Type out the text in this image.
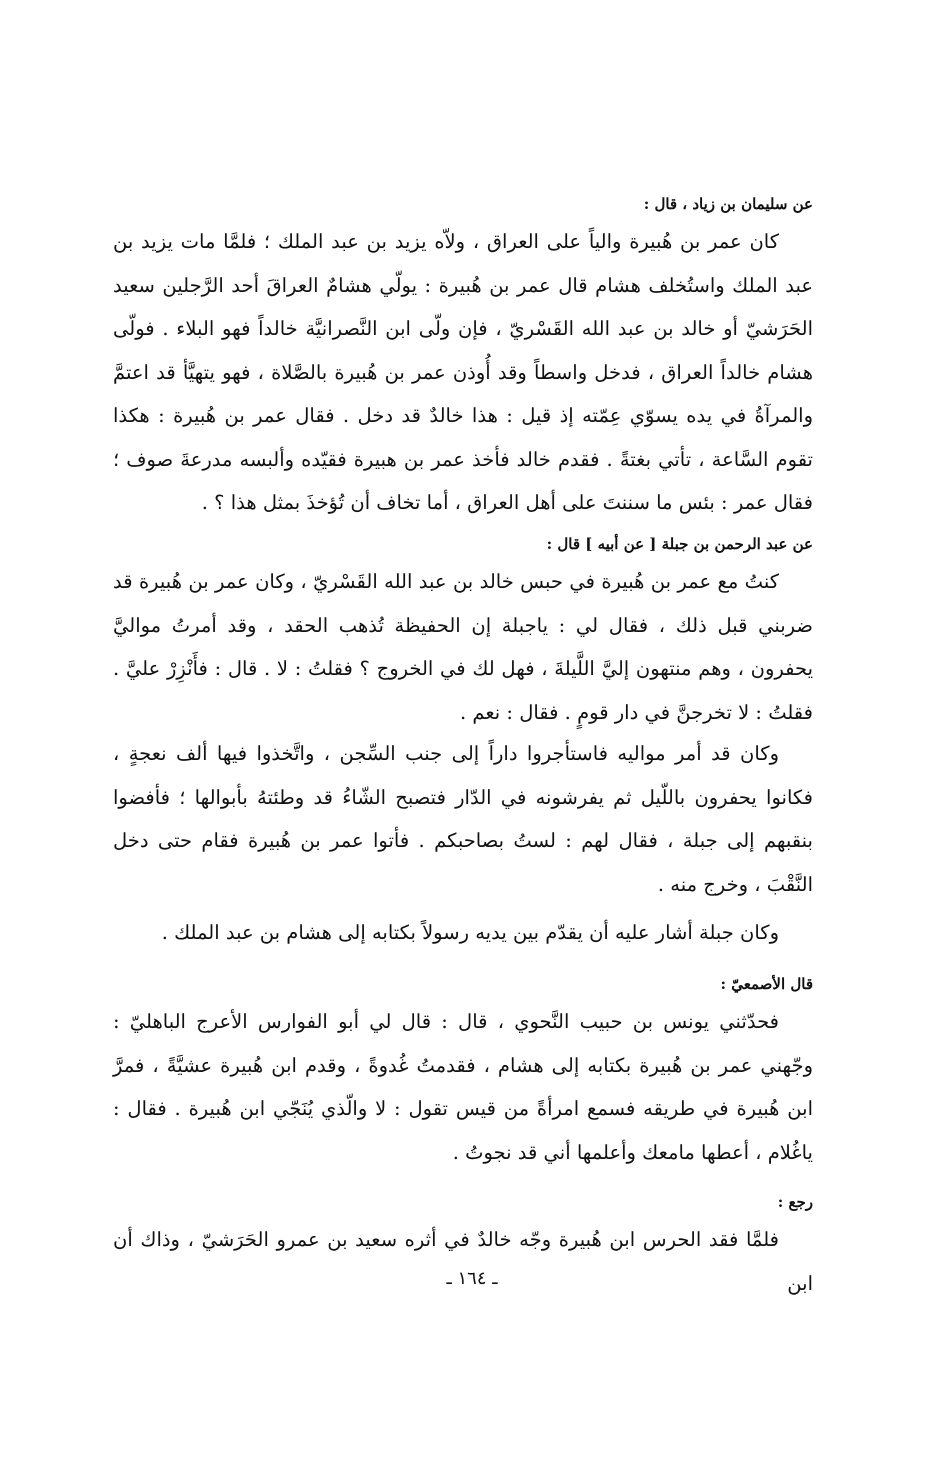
عن سليمان بن زياد ، قال :

كان عمر بن هُبيرة والياً على العراق ، ولاّه يزيد بن عبد الملك ؛ فلمَّا مات يزيد بن عبد الملك واستُخلف هشام قال عمر بن هُبيرة : يولّي هشامٌ العراقَ أحد الرَّجلين سعيد الحَرَشيّ أو خالد بن عبد الله القَسْريّ ، فإن ولّى ابن النَّصرانيَّة خالداً فهو البلاء . فولّى هشام خالداً العراق ، فدخل واسطاً وقد أُوذن عمر بن هُبيرة بالصَّلاة ، فهو يتهيَّأ قد اعتمَّ والمرآةُ في يده يسوّي عِمّته إذ قيل : هذا خالدٌ قد دخل . فقال عمر بن هُبيرة : هكذا تقوم السَّاعة ، تأتي بغتةً . فقدم خالد فأخذ عمر بن هبيرة فقيّده وألبسه مدرعةَ صوف ؛ فقال عمر : بئس ما سننتَ على أهل العراق ، أما تخاف أن تُؤخذَ بمثل هذا ؟ .

عن عبد الرحمن بن جبلة [ عن أبيه ] قال :

كنتُ مع عمر بن هُبيرة في حبس خالد بن عبد الله القَسْريّ ، وكان عمر بن هُبيرة قد ضربني قبل ذلك ، فقال لي : ياجبلة إن الحفيظة تُذهب الحقد ، وقد أمرتُ مواليَّ يحفرون ، وهم منتهون إليَّ اللَّيلةَ ، فهل لك في الخروج ؟ فقلتُ : لا . قال : فأَنْزِرْ عليَّ . فقلتُ : لا تخرجنَّ في دار قومٍ . فقال : نعم .

وكان قد أمر مواليه فاستأجروا داراً إلى جنب السِّجن ، واتَّخذوا فيها ألف نعجةٍ ، فكانوا يحفرون باللّيل ثم يفرشونه في الدّار فتصبح الشّاءُ قد وطئتهُ بأبوالها ؛ فأفضوا بنقبهم إلى جبلة ، فقال لهم : لستُ بصاحبكم . فأتوا عمر بن هُبيرة فقام حتى دخل النَّقْبَ ، وخرج منه .

وكان جبلة أشار عليه أن يقدّم بين يديه رسولاً بكتابه إلى هشام بن عبد الملك .

قال الأصمعيّ :

فحدّثني يونس بن حبيب النَّحوي ، قال : قال لي أبو الفوارس الأعرج الباهليّ : وجّهني عمر بن هُبيرة بكتابه إلى هشام ، فقدمتُ غُدوةً ، وقدم ابن هُبيرة عشيَّةً ، فمرَّ ابن هُبيرة في طريقه فسمع امرأةً من قيس تقول : لا والّذي يُنَجّي ابن هُبيرة . فقال : ياغُلام ، أعطها مامعك وأعلمها أني قد نجوتُ .

رجع :

فلمَّا فقد الحرس ابن هُبيرة وجّه خالدٌ في أثره سعيد بن عمرو الحَرَشيّ ، وذاك أن ابن

ـ ١٦٤ ـ
